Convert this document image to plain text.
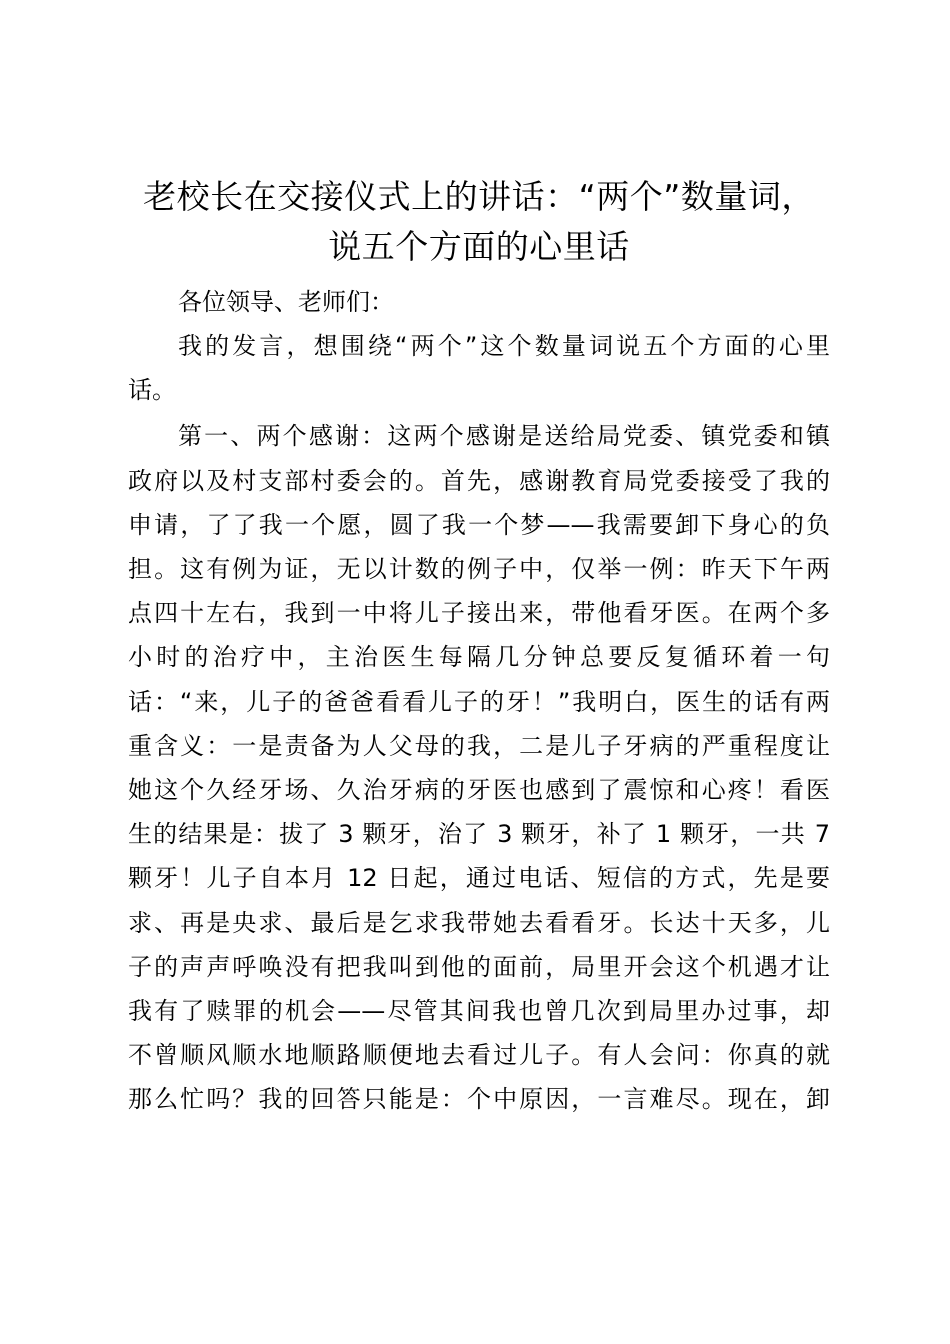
老校长在交接仪式上的讲话：“两个”数量词，
说五个方面的心里话

各位领导、老师们：

我的发言，想围绕“两个”这个数量词说五个方面的心里
话。

第一、两个感谢：这两个感谢是送给局党委、镇党委和镇
政府以及村支部村委会的。首先，感谢教育局党委接受了我的
申请，了了我一个愿，圆了我一个梦——我需要卸下身心的负
担。这有例为证，无以计数的例子中，仅举一例：昨天下午两
点四十左右，我到一中将儿子接出来，带他看牙医。在两个多
小时的治疗中，主治医生每隔几分钟总要反复循环着一句
话：“来，儿子的爸爸看看儿子的牙！”我明白，医生的话有两
重含义：一是责备为人父母的我，二是儿子牙病的严重程度让
她这个久经牙场、久治牙病的牙医也感到了震惊和心疼！看医
生的结果是：拔了 3 颗牙，治了 3 颗牙，补了 1 颗牙，一共 7
颗牙！儿子自本月 12 日起，通过电话、短信的方式，先是要
求、再是央求、最后是乞求我带她去看看牙。长达十天多，儿
子的声声呼唤没有把我叫到他的面前，局里开会这个机遇才让
我有了赎罪的机会——尽管其间我也曾几次到局里办过事，却
不曾顺风顺水地顺路顺便地去看过儿子。有人会问：你真的就
那么忙吗？我的回答只能是：个中原因，一言难尽。现在，卸
